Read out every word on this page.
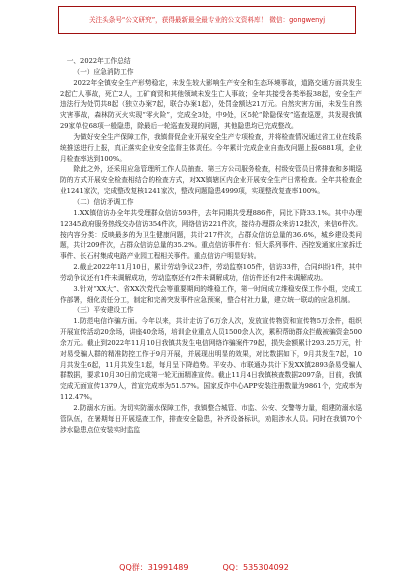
关注头条号“公文研究”，获得最新最全最专业的公文资料库！ 微信：gongwenyj

一、2022年工作总结

（一）应急消防工作

2022年全镇安全生产形势稳定，未发生较大影响生产安全和生态环境事故，道路交通方面共发生2起亡人事故，死亡2人，工矿商贸和其他领域未发生亡人事故；全年共接受各类举报38起，安全生产违法行为处罚共8起（独立办案7起，联合办案1起），处罚金额达21万元。自然灾害方面，未发生自然灾害事故，森林防灭火实现“零火险”，完成全3处，中9处，区5轮“除隐保安”巡查巡逻，共发现我镇29家单位68项一般隐患，除最后一轮巡查发现的问题，其他隐患均已完成整改。

为做好安全生产保障工作，我镇督促企业开展安全生产专项检查，并将检查情况通过省工业在线系统推送进行上报，真正落实企业安全监督主体责任。今年累计完成企业自查改问题上报6881项，企业月检查率达到100%。

除此之外，还采用应急管理所工作人员抽查、第三方公司服务检查，村级安管员日常排查和多期巡防的方式开展安全检查相结合的检查方式，对XX镇辖区内企业开展安全生产日常检查。全年共检查企业1241家次，完成整改复核1241家次，整改问题隐患4999项，实现整改复查率100%。

（二）信访矛调工作

1.XX镇信访办全年共受理群众信访593件，去年同期共受理886件，同比下降33.1%。其中办理12345政府服务热线交办信访354件次，网络信访221件次，接待办理群众来访12批次，来信6件次。按内容分类：反映最多的为卫生健康问题，共计217件次，占群众信访总量的36.6%，城乡建设类问题，共计209件次，占群众信访总量的35.2%。重点信访事件有：恒大系列事件、西控发通家庄家拆迁事件、长石村集成电路产业园工程相关事件。重点信访户明显好转。

2.截止2022年11月10日，累计劳动争议23件，劳动监察105件，信访33件，合同纠纷1件，其中劳动争议还有1件未调解成功，劳动监察还有2件未调解成功，信访件还有2件未调解成功。

3.针对“XX大”、省XX次党代会等重要期间的维稳工作，第一时间成立维稳安保工作小组，完成工作部署，细化责任分工，制定和完善突发事件应急预案，整合村社力量，建立统一联动的应急机制。

（三）平安建设工作

1.防范电信诈骗方面。今年以来，共计走访了6万余人次，发放宣传物资和宣传物5万余件，组织开展宣传活动20余场，讲座40余场，培训企业重点人员1500余人次，累积帮助群众拦截被骗资金500余万元。截止到2022年11月10日我镇共发生电信网络诈骗案件79起，损失金额累计293.25万元，针对易受骗人群的精准防控工作于9月开展，并展现出明显的效果，对比数据如下，9月共发生7起，10月共发生6起，11月共发生1起，每月呈下降趋势。平安办、市联通办共计下发XX镇2893条易受骗人群数据，要求10月30日前完成第一轮无面精准宣传。截止11月4日我镇核查数据2097条，目前，我镇完成无面宣传1379人，首宣完成率为51.57%。国家反诈中心APP安装注册数量为9861个，完成率为112.47%。

2.防溺水方面。为切实防溺水保障工作，我镇整合城管、市监、公安、交警等力量，组建防溺水巡管队伍，在暑期每日开展巡查工作，排查安全隐患，补齐设备标识，劝阻涉水人员。同时在我镇70个涉水隐患点位安装实时监监

QQ群：31991489	QQ：535304092
